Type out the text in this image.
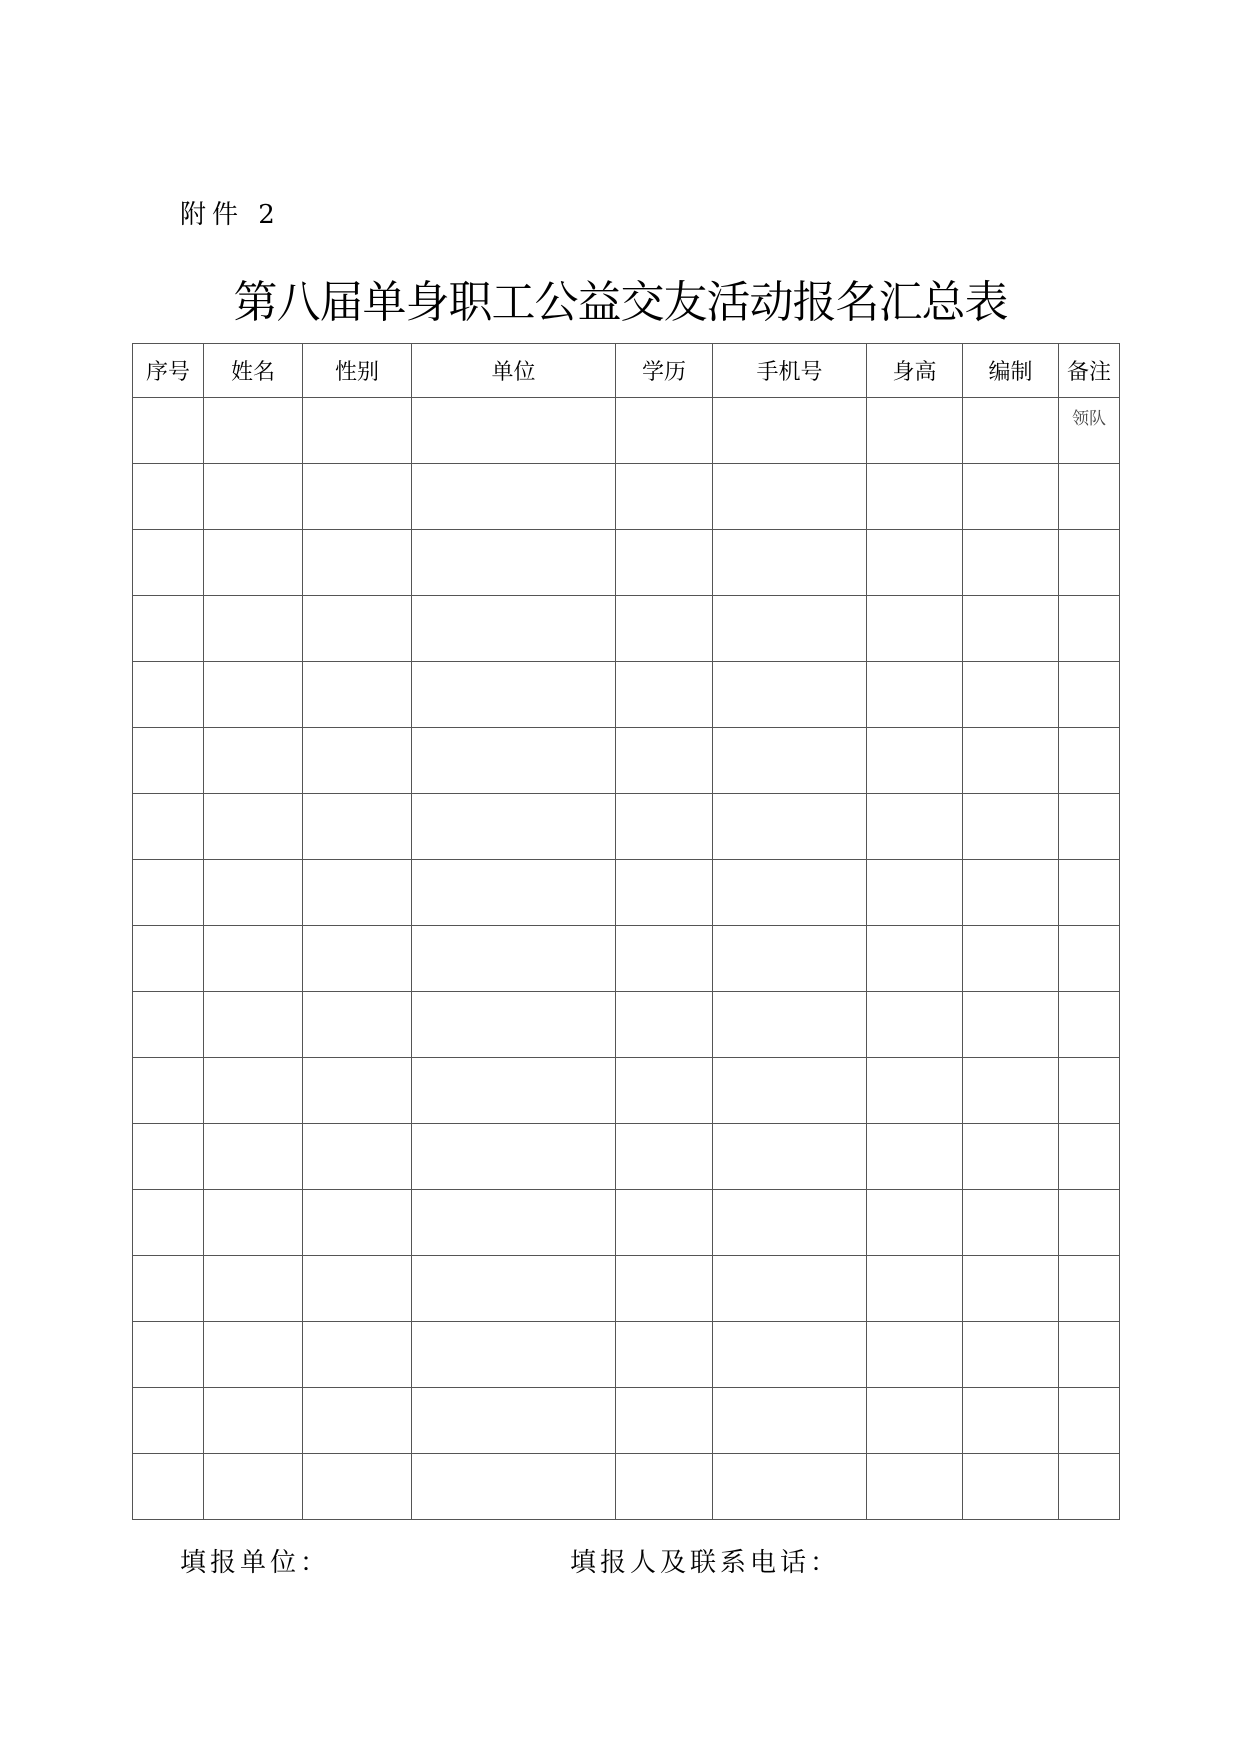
附件 2
第八届单身职工公益交友活动报名汇总表
序号	姓名	性别	单位	学历	手机号	身高	编制	备注

								领队

填报单位：	填报人及联系电话：
